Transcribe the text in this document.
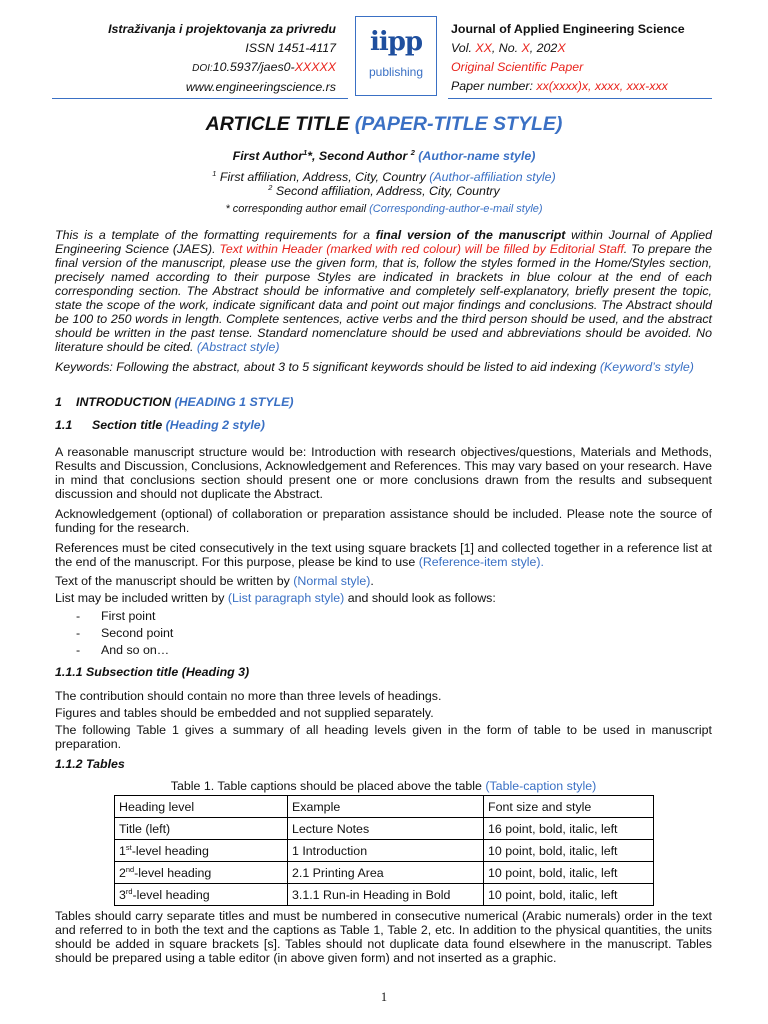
Istraživanja i projektovanja za privredu
ISSN 1451-4117
DOI:10.5937/jaes0-XXXXX
www.engineeringscience.rs
iipp
publishing
Journal of Applied Engineering Science
Vol. XX, No. X, 202X
Original Scientific Paper
Paper number: xx(xxxx)x, xxxx, xxx-xxx
ARTICLE TITLE (PAPER-TITLE STYLE)
First Author$^1$*, Second Author $^2$ (Author-name style)
$^1$ First affiliation, Address, City, Country (Author-affiliation style)
$^2$ Second affiliation, Address, City, Country
* corresponding author email (Corresponding-author-e-mail style)

This is a template of the formatting requirements for a final version of the manuscript within Journal of Applied Engineering Science (JAES). Text within Header (marked with red colour) will be filled by Editorial Staff. To prepare the final version of the manuscript, please use the given form, that is, follow the styles formed in the Home/Styles section, precisely named according to their purpose Styles are indicated in brackets in blue colour at the end of each corresponding section. The Abstract should be informative and completely self-explanatory, briefly present the topic, state the scope of the work, indicate significant data and point out major findings and conclusions. The Abstract should be 100 to 250 words in length. Complete sentences, active verbs and the third person should be used, and the abstract should be written in the past tense. Standard nomenclature should be used and abbreviations should be avoided. No literature should be cited. (Abstract style)

Keywords: Following the abstract, about 3 to 5 significant keywords should be listed to aid indexing (Keyword’s style)

1 INTRODUCTION (HEADING 1 STYLE)

1.1 Section title (Heading 2 style)

A reasonable manuscript structure would be: Introduction with research objectives/questions, Materials and Methods, Results and Discussion, Conclusions, Acknowledgement and References. This may vary based on your research. Have in mind that conclusions section should present one or more conclusions drawn from the results and subsequent discussion and should not duplicate the Abstract.

Acknowledgement (optional) of collaboration or preparation assistance should be included. Please note the source of funding for the research.

References must be cited consecutively in the text using square brackets [1] and collected together in a reference list at the end of the manuscript. For this purpose, please be kind to use (Reference-item style).

Text of the manuscript should be written by (Normal style).

List may be included written by (List paragraph style) and should look as follows:

- First point
- Second point
- And so on…

1.1.1 Subsection title (Heading 3)

The contribution should contain no more than three levels of headings.

Figures and tables should be embedded and not supplied separately.

The following Table 1 gives a summary of all heading levels given in the form of table to be used in manuscript preparation.

1.1.2 Tables

Table 1. Table captions should be placed above the table (Table-caption style)

Heading level	Example	Font size and style
Title (left)	Lecture Notes	16 point, bold, italic, left
1st-level heading	1 Introduction	10 point, bold, italic, left
2nd-level heading	2.1 Printing Area	10 point, bold, italic, left
3rd-level heading	3.1.1 Run-in Heading in Bold	10 point, bold, italic, left

Tables should carry separate titles and must be numbered in consecutive numerical (Arabic numerals) order in the text and referred to in both the text and the captions as Table 1, Table 2, etc. In addition to the physical quantities, the units should be added in square brackets [s]. Tables should not duplicate data found elsewhere in the manuscript. Tables should be prepared using a table editor (in above given form) and not inserted as a graphic.

1
